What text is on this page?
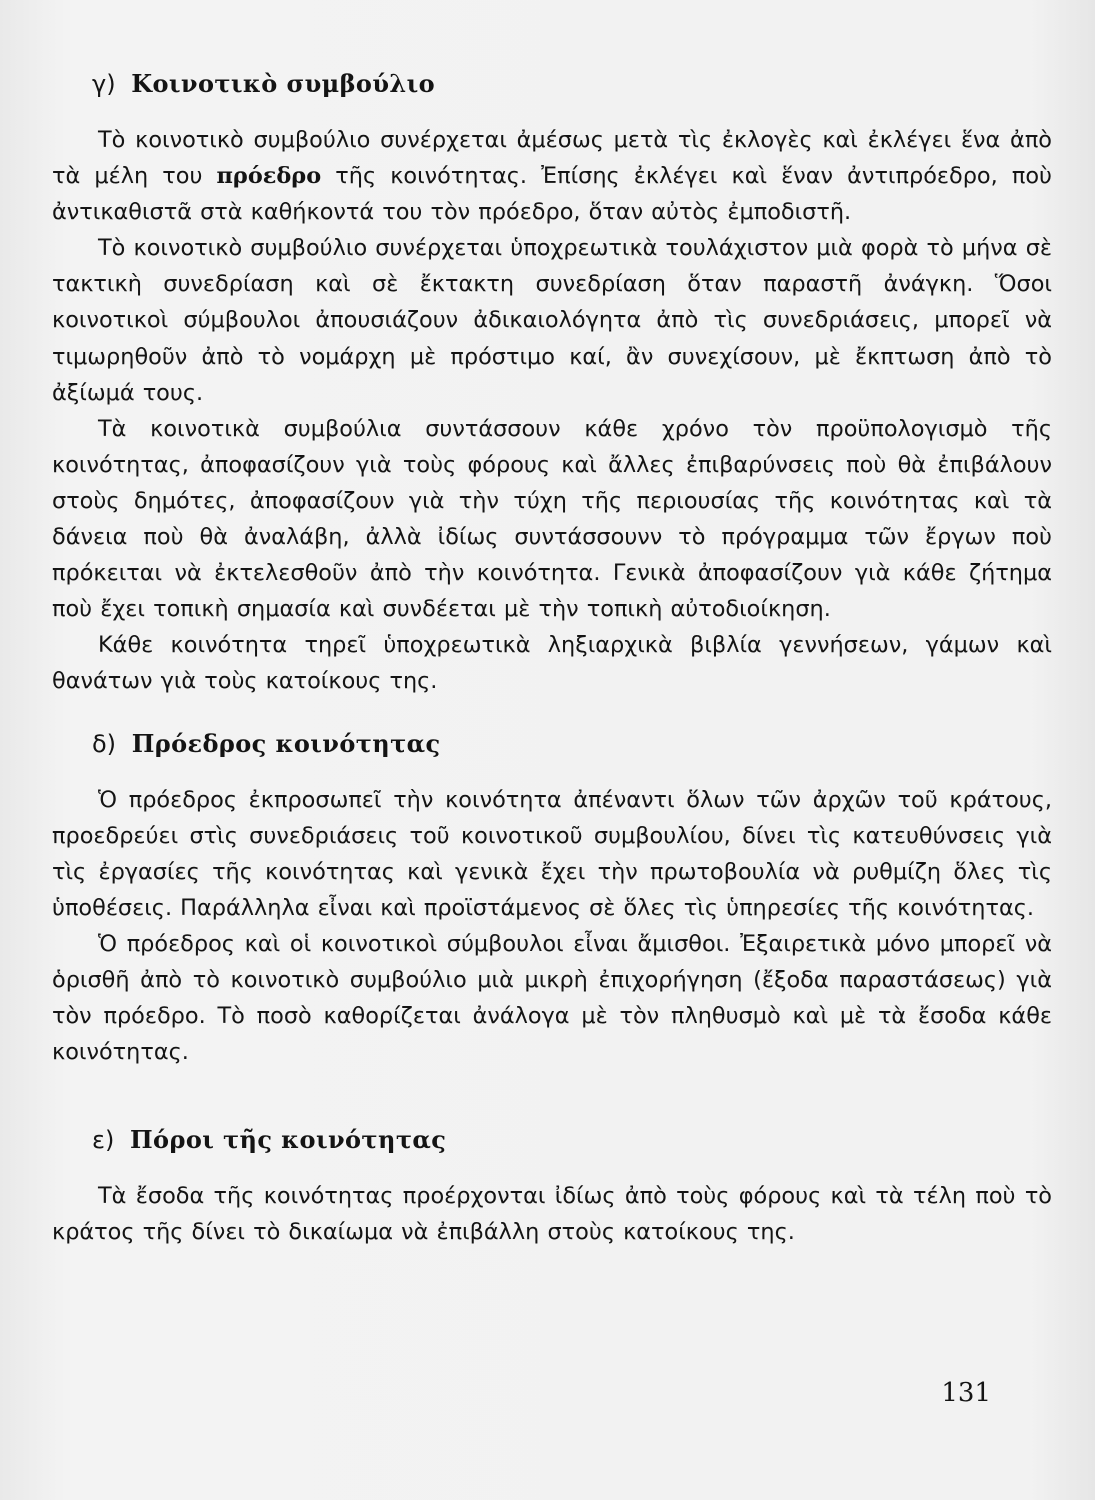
γ) Κοινοτικὸ συμβούλιο

Τὸ κοινοτικὸ συμβούλιο συνέρχεται ἀμέσως μετὰ τὶς ἐκλογὲς καὶ ἐκλέγει ἕνα ἀπὸ τὰ μέλη του πρόεδρο τῆς κοινότητας. Ἐπίσης ἐκλέγει καὶ ἕναν ἀντιπρόεδρο, ποὺ ἀντικαθιστᾶ στὰ καθήκοντά του τὸν πρόεδρο, ὅταν αὐτὸς ἐμποδιστῆ.

Τὸ κοινοτικὸ συμβούλιο συνέρχεται ὑποχρεωτικὰ τουλάχιστον μιὰ φορὰ τὸ μήνα σὲ τακτικὴ συνεδρίαση καὶ σὲ ἔκτακτη συνεδρίαση ὅταν παραστῆ ἀνάγκη. Ὅσοι κοινοτικοὶ σύμβουλοι ἀπουσιάζουν ἀδικαιολόγητα ἀπὸ τὶς συνεδριάσεις, μπορεῖ νὰ τιμωρηθοῦν ἀπὸ τὸ νομάρχη μὲ πρόστιμο καί, ἂν συνεχίσουν, μὲ ἔκπτωση ἀπὸ τὸ ἀξίωμά τους.

Τὰ κοινοτικὰ συμβούλια συντάσσουν κάθε χρόνο τὸν προϋπολογισμὸ τῆς κοινότητας, ἀποφασίζουν γιὰ τοὺς φόρους καὶ ἄλλες ἐπιβαρύνσεις ποὺ θὰ ἐπιβάλουν στοὺς δημότες, ἀποφασίζουν γιὰ τὴν τύχη τῆς περιουσίας τῆς κοινότητας καὶ τὰ δάνεια ποὺ θὰ ἀναλάβη, ἀλλὰ ἰδίως συντάσσουνν τὸ πρόγραμμα τῶν ἔργων ποὺ πρόκειται νὰ ἐκτελεσθοῦν ἀπὸ τὴν κοινότητα. Γενικὰ ἀποφασίζουν γιὰ κάθε ζήτημα ποὺ ἔχει τοπικὴ σημασία καὶ συνδέεται μὲ τὴν τοπικὴ αὐτοδιοίκηση.

Κάθε κοινότητα τηρεῖ ὑποχρεωτικὰ ληξιαρχικὰ βιβλία γεννήσεων, γάμων καὶ θανάτων γιὰ τοὺς κατοίκους της.

δ) Πρόεδρος κοινότητας

Ὁ πρόεδρος ἐκπροσωπεῖ τὴν κοινότητα ἀπέναντι ὅλων τῶν ἀρχῶν τοῦ κράτους, προεδρεύει στὶς συνεδριάσεις τοῦ κοινοτικοῦ συμβουλίου, δίνει τὶς κατευθύνσεις γιὰ τὶς ἐργασίες τῆς κοινότητας καὶ γενικὰ ἔχει τὴν πρωτοβουλία νὰ ρυθμίζη ὅλες τὶς ὑποθέσεις. Παράλληλα εἶναι καὶ προϊστάμενος σὲ ὅλες τὶς ὑπηρεσίες τῆς κοινότητας.

Ὁ πρόεδρος καὶ οἱ κοινοτικοὶ σύμβουλοι εἶναι ἄμισθοι. Ἐξαιρετικὰ μόνο μπορεῖ νὰ ὁρισθῆ ἀπὸ τὸ κοινοτικὸ συμβούλιο μιὰ μικρὴ ἐπιχορήγηση (ἔξοδα παραστάσεως) γιὰ τὸν πρόεδρο. Τὸ ποσὸ καθορίζεται ἀνάλογα μὲ τὸν πληθυσμὸ καὶ μὲ τὰ ἔσοδα κάθε κοινότητας.

ε) Πόροι τῆς κοινότητας

Τὰ ἔσοδα τῆς κοινότητας προέρχονται ἰδίως ἀπὸ τοὺς φόρους καὶ τὰ τέλη ποὺ τὸ κράτος τῆς δίνει τὸ δικαίωμα νὰ ἐπιβάλλη στοὺς κατοίκους της.

131
